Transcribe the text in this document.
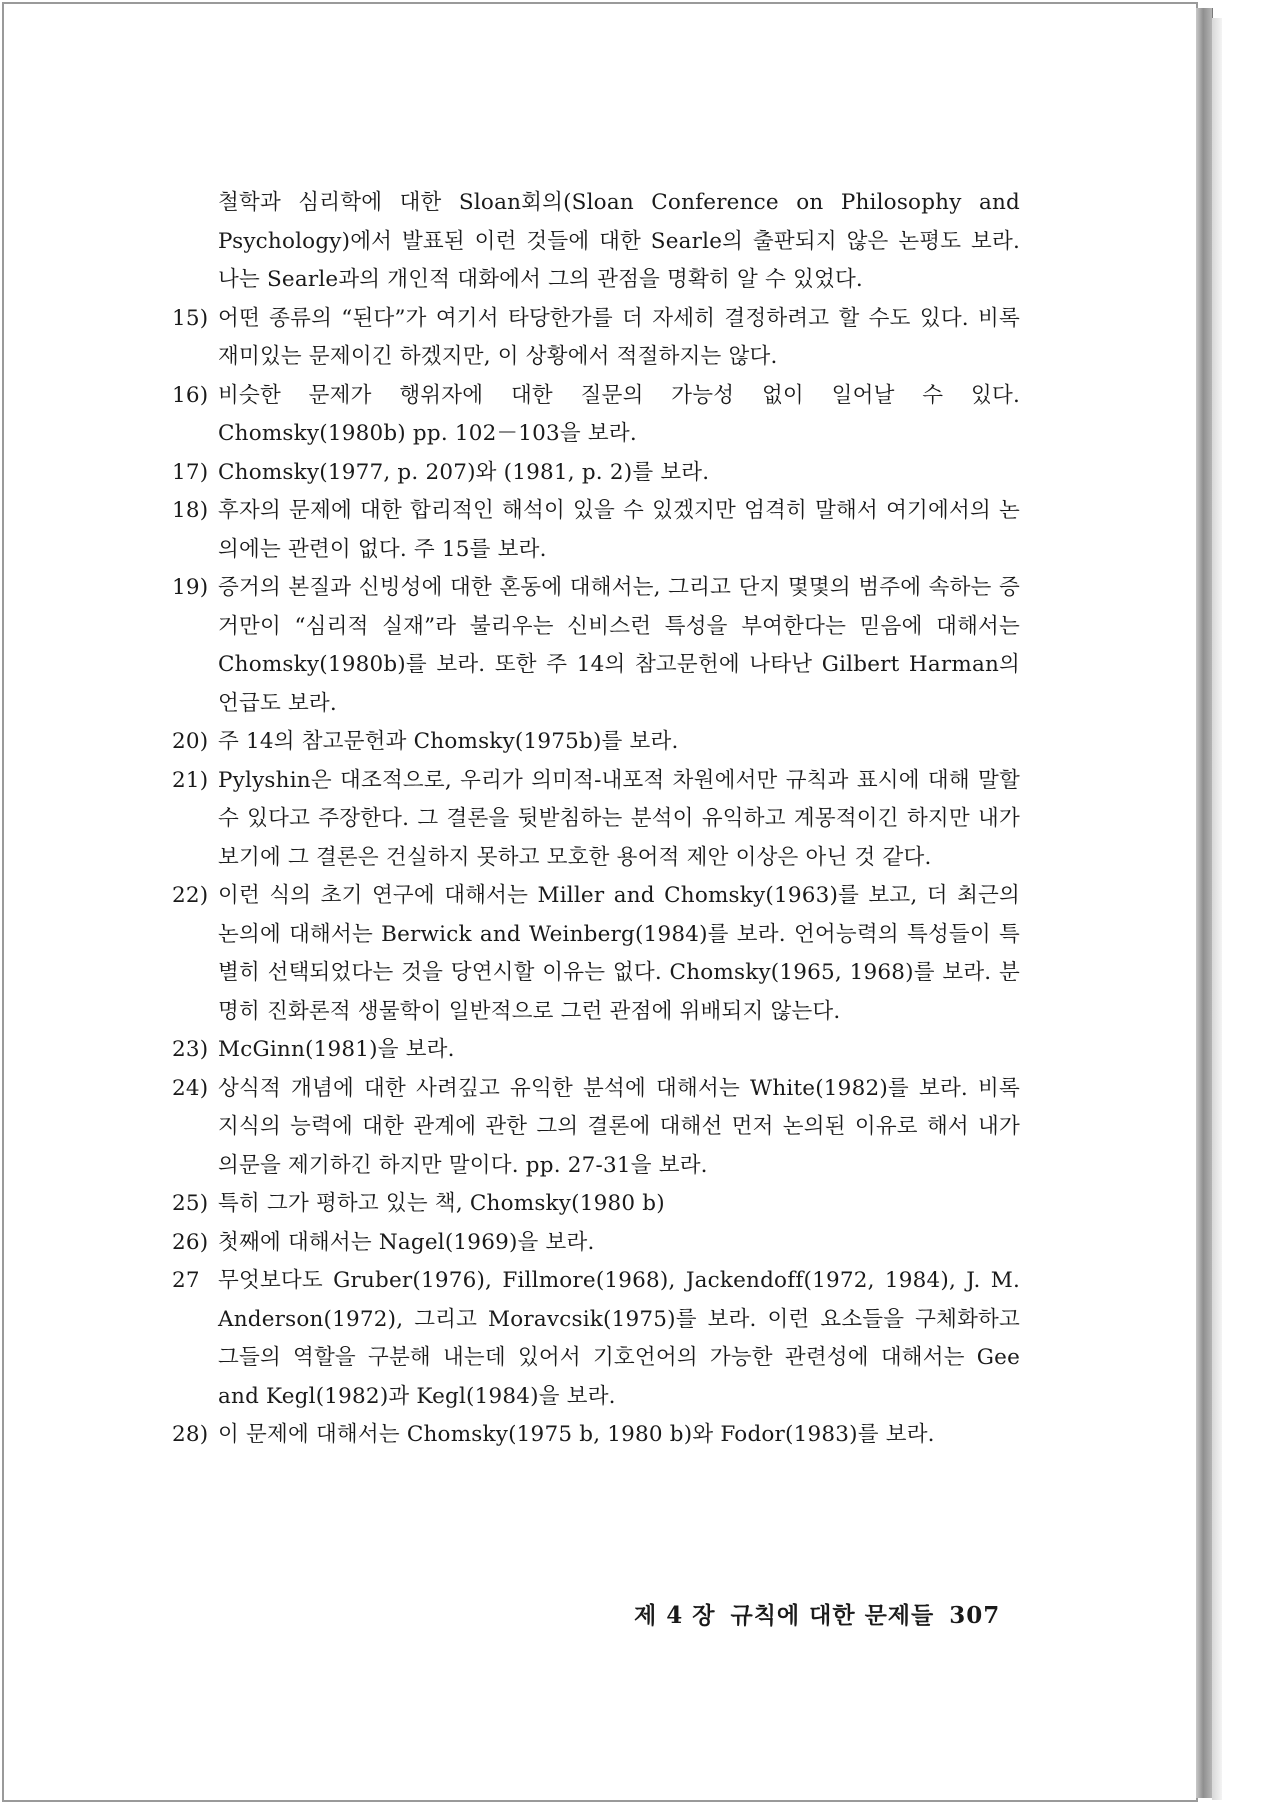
철학과 심리학에 대한 Sloan회의(Sloan Conference on Philosophy and Psychology)에서 발표된 이런 것들에 대한 Searle의 출판되지 않은 논평도 보라. 나는 Searle과의 개인적 대화에서 그의 관점을 명확히 알 수 있었다.
15) 어떤 종류의 “된다”가 여기서 타당한가를 더 자세히 결정하려고 할 수도 있다. 비록 재미있는 문제이긴 하겠지만, 이 상황에서 적절하지는 않다.
16) 비슷한 문제가 행위자에 대한 질문의 가능성 없이 일어날 수 있다. Chomsky(1980b) pp. 102－103을 보라.
17) Chomsky(1977, p. 207)와 (1981, p. 2)를 보라.
18) 후자의 문제에 대한 합리적인 해석이 있을 수 있겠지만 엄격히 말해서 여기에서의 논의에는 관련이 없다. 주 15를 보라.
19) 증거의 본질과 신빙성에 대한 혼동에 대해서는, 그리고 단지 몇몇의 범주에 속하는 증거만이 “심리적 실재”라 불리우는 신비스런 특성을 부여한다는 믿음에 대해서는 Chomsky(1980b)를 보라. 또한 주 14의 참고문헌에 나타난 Gilbert Harman의 언급도 보라.
20) 주 14의 참고문헌과 Chomsky(1975b)를 보라.
21) Pylyshin은 대조적으로, 우리가 의미적-내포적 차원에서만 규칙과 표시에 대해 말할 수 있다고 주장한다. 그 결론을 뒷받침하는 분석이 유익하고 계몽적이긴 하지만 내가 보기에 그 결론은 건실하지 못하고 모호한 용어적 제안 이상은 아닌 것 같다.
22) 이런 식의 초기 연구에 대해서는 Miller and Chomsky(1963)를 보고, 더 최근의 논의에 대해서는 Berwick and Weinberg(1984)를 보라. 언어능력의 특성들이 특별히 선택되었다는 것을 당연시할 이유는 없다. Chomsky(1965, 1968)를 보라. 분명히 진화론적 생물학이 일반적으로 그런 관점에 위배되지 않는다.
23) McGinn(1981)을 보라.
24) 상식적 개념에 대한 사려깊고 유익한 분석에 대해서는 White(1982)를 보라. 비록 지식의 능력에 대한 관계에 관한 그의 결론에 대해선 먼저 논의된 이유로 해서 내가 의문을 제기하긴 하지만 말이다. pp. 27-31을 보라.
25) 특히 그가 평하고 있는 책, Chomsky(1980 b)
26) 첫째에 대해서는 Nagel(1969)을 보라.
27 무엇보다도 Gruber(1976), Fillmore(1968), Jackendoff(1972, 1984), J. M. Anderson(1972), 그리고 Moravcsik(1975)를 보라. 이런 요소들을 구체화하고 그들의 역할을 구분해 내는데 있어서 기호언어의 가능한 관련성에 대해서는 Gee and Kegl(1982)과 Kegl(1984)을 보라.
28) 이 문제에 대해서는 Chomsky(1975 b, 1980 b)와 Fodor(1983)를 보라.
제 4 장 규칙에 대한 문제들 307
